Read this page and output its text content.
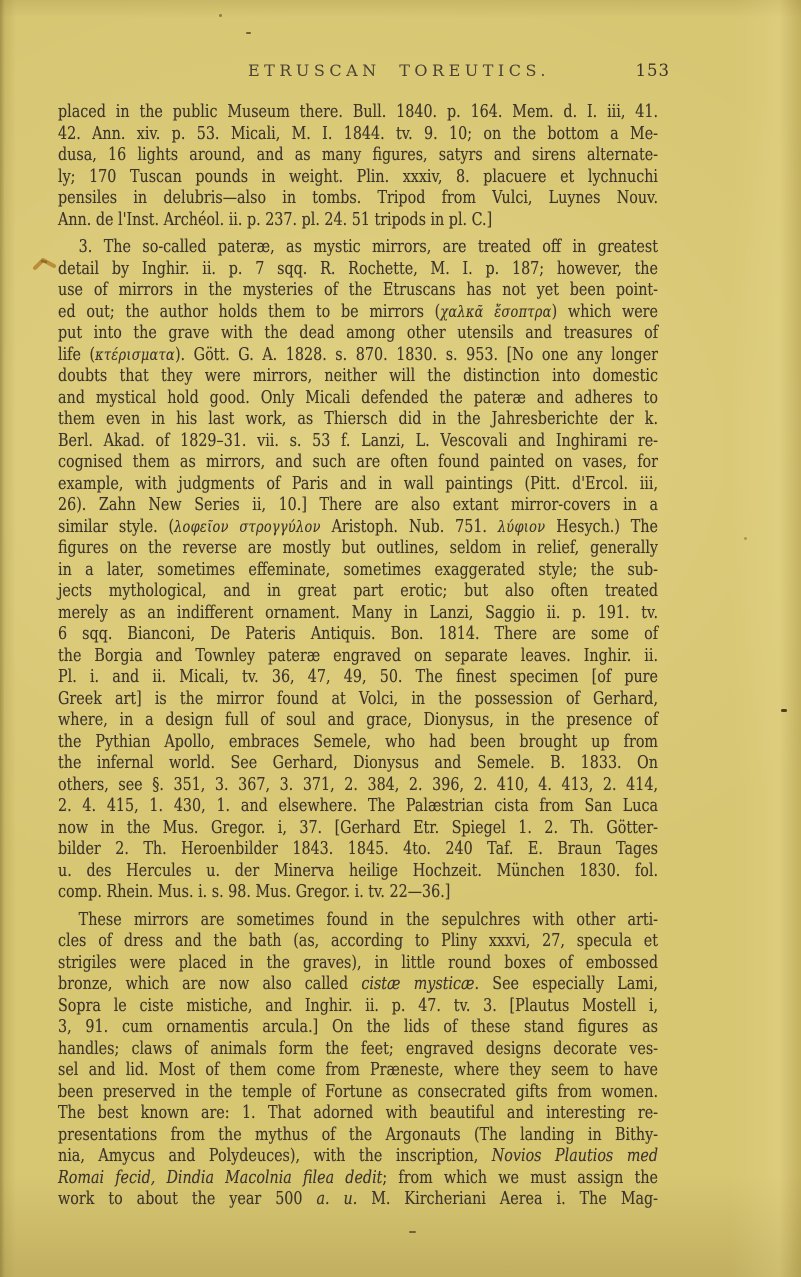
ETRUSCAN TOREUTICS.	153
placed in the public Museum there. Bull. 1840. p. 164. Mem. d. I. iii, 41.
42. Ann. xiv. p. 53. Micali, M. I. 1844. tv. 9. 10; on the bottom a Me-
dusa, 16 lights around, and as many figures, satyrs and sirens alternate-
ly; 170 Tuscan pounds in weight. Plin. xxxiv, 8. placuere et lychnuchi
pensiles in delubris—also in tombs. Tripod from Vulci, Luynes Nouv.
Ann. de l'Inst. Archéol. ii. p. 237. pl. 24. 51 tripods in pl. C.]
3. The so-called pateræ, as mystic mirrors, are treated off in greatest
detail by Inghir. ii. p. 7 sqq. R. Rochette, M. I. p. 187; however, the
use of mirrors in the mysteries of the Etruscans has not yet been point-
ed out; the author holds them to be mirrors (χαλκᾶ ἔσοπτρα) which were
put into the grave with the dead among other utensils and treasures of
life (κτέρισματα). Gött. G. A. 1828. s. 870. 1830. s. 953. [No one any longer
doubts that they were mirrors, neither will the distinction into domestic
and mystical hold good. Only Micali defended the pateræ and adheres to
them even in his last work, as Thiersch did in the Jahresberichte der k.
Berl. Akad. of 1829–31. vii. s. 53 f. Lanzi, L. Vescovali and Inghirami re-
cognised them as mirrors, and such are often found painted on vases, for
example, with judgments of Paris and in wall paintings (Pitt. d'Ercol. iii,
26). Zahn New Series ii, 10.] There are also extant mirror-covers in a
similar style. (λοφεῖον στρογγύλον Aristoph. Nub. 751. λύφιον Hesych.) The
figures on the reverse are mostly but outlines, seldom in relief, generally
in a later, sometimes effeminate, sometimes exaggerated style; the sub-
jects mythological, and in great part erotic; but also often treated
merely as an indifferent ornament. Many in Lanzi, Saggio ii. p. 191. tv.
6 sqq. Bianconi, De Pateris Antiquis. Bon. 1814. There are some of
the Borgia and Townley pateræ engraved on separate leaves. Inghir. ii.
Pl. i. and ii. Micali, tv. 36, 47, 49, 50. The finest specimen [of pure
Greek art] is the mirror found at Volci, in the possession of Gerhard,
where, in a design full of soul and grace, Dionysus, in the presence of
the Pythian Apollo, embraces Semele, who had been brought up from
the infernal world. See Gerhard, Dionysus and Semele. B. 1833. On
others, see §. 351, 3. 367, 3. 371, 2. 384, 2. 396, 2. 410, 4. 413, 2. 414,
2. 4. 415, 1. 430, 1. and elsewhere. The Palæstrian cista from San Luca
now in the Mus. Gregor. i, 37. [Gerhard Etr. Spiegel 1. 2. Th. Götter-
bilder 2. Th. Heroenbilder 1843. 1845. 4to. 240 Taf. E. Braun Tages
u. des Hercules u. der Minerva heilige Hochzeit. München 1830. fol.
comp. Rhein. Mus. i. s. 98. Mus. Gregor. i. tv. 22—36.]
These mirrors are sometimes found in the sepulchres with other arti-
cles of dress and the bath (as, according to Pliny xxxvi, 27, specula et
strigiles were placed in the graves), in little round boxes of embossed
bronze, which are now also called cistæ mysticæ. See especially Lami,
Sopra le ciste mistiche, and Inghir. ii. p. 47. tv. 3. [Plautus Mostell i,
3, 91. cum ornamentis arcula.] On the lids of these stand figures as
handles; claws of animals form the feet; engraved designs decorate ves-
sel and lid. Most of them come from Præneste, where they seem to have
been preserved in the temple of Fortune as consecrated gifts from women.
The best known are: 1. That adorned with beautiful and interesting re-
presentations from the mythus of the Argonauts (The landing in Bithy-
nia, Amycus and Polydeuces), with the inscription, Novios Plautios med
Romai fecid, Dindia Macolnia filea dedit; from which we must assign the
work to about the year 500 a. u. M. Kircheriani Aerea i. The Mag-
